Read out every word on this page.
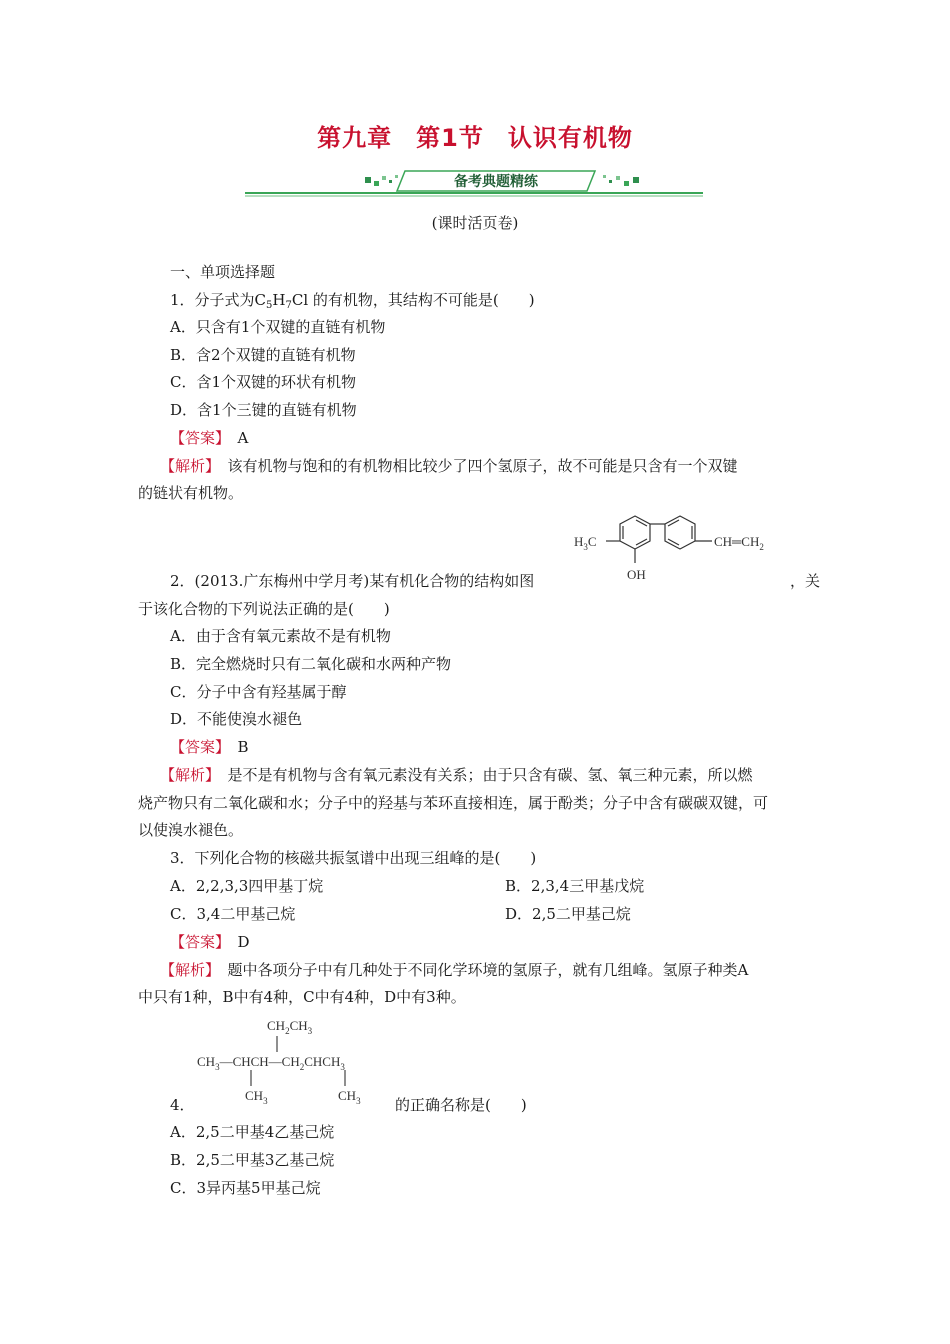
第九章 第1节 认识有机物
备考典题精练
(课时活页卷)
一、单项选择题
1．分子式为$C_5H_7Cl$ 的有机物，其结构不可能是(　　)
A．只含有1个双键的直链有机物
B．含2个双键的直链有机物
C．含1个双键的环状有机物
D．含1个三键的直链有机物
【答案】　 A
【解析】　 该有机物与饱和的有机物相比较少了四个氢原子，故不可能是只含有一个双键
的链状有机物。
$H_3C$
OH
$CH═CH_2$
2．(2013.广东梅州中学月考)某有机化合物的结构如图	，关
于该化合物的下列说法正确的是(　　)
A．由于含有氧元素故不是有机物
B．完全燃烧时只有二氧化碳和水两种产物
C．分子中含有羟基属于醇
D．不能使溴水褪色
【答案】　 B
【解析】　 是不是有机物与含有氧元素没有关系；由于只含有碳、氢、氧三种元素，所以燃
烧产物只有二氧化碳和水；分子中的羟基与苯环直接相连，属于酚类；分子中含有碳碳双键，可
以使溴水褪色。
3．下列化合物的核磁共振氢谱中出现三组峰的是(　　)
A．2,2,3,3四甲基丁烷	B．2,3,4三甲基戊烷
C．3,4二甲基己烷	D．2,5二甲基己烷
【答案】　 D
【解析】　 题中各项分子中有几种处于不同化学环境的氢原子，就有几组峰。氢原子种类A
中只有1种，B中有4种，C中有4种，D中有3种。
$CH_2CH_3$
$CH_3—CHCH—CH_2CHCH_3$
$CH_3$	$CH_3$
4．	的正确名称是(　　)
A．2,5二甲基4乙基己烷
B．2,5二甲基3乙基己烷
C．3异丙基5甲基己烷
